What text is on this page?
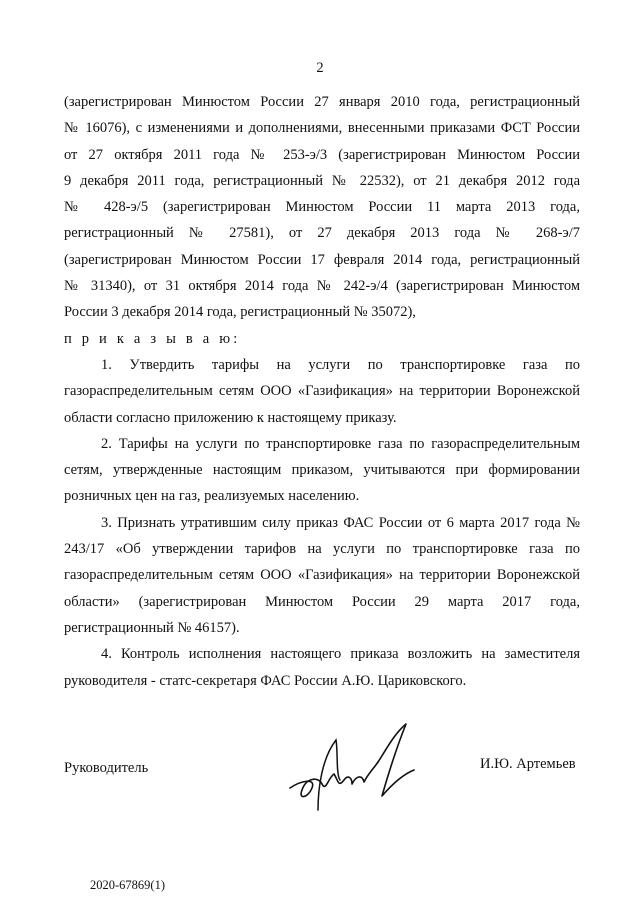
2

(зарегистрирован Минюстом России 27 января 2010 года, регистрационный
№ 16076), с изменениями и дополнениями, внесенными приказами ФСТ России
от 27 октября 2011 года № 253-э/3 (зарегистрирован Минюстом России
9 декабря 2011 года, регистрационный № 22532), от 21 декабря 2012 года
№ 428-э/5 (зарегистрирован Минюстом России 11 марта 2013 года,
регистрационный № 27581), от 27 декабря 2013 года № 268-э/7
(зарегистрирован Минюстом России 17 февраля 2014 года, регистрационный
№ 31340), от 31 октября 2014 года № 242-э/4 (зарегистрирован Минюстом
России 3 декабря 2014 года, регистрационный № 35072),

п р и к а з ы в а ю:

1. Утвердить тарифы на услуги по транспортировке газа по газораспределительным сетям ООО «Газификация» на территории Воронежской области согласно приложению к настоящему приказу.

2. Тарифы на услуги по транспортировке газа по газораспределительным сетям, утвержденные настоящим приказом, учитываются при формировании розничных цен на газ, реализуемых населению.

3. Признать утратившим силу приказ ФАС России от 6 марта 2017 года № 243/17 «Об утверждении тарифов на услуги по транспортировке газа по газораспределительным сетям ООО «Газификация» на территории Воронежской области» (зарегистрирован Минюстом России 29 марта 2017 года, регистрационный № 46157).

4. Контроль исполнения настоящего приказа возложить на заместителя руководителя - статс-секретаря ФАС России А.Ю. Цариковского.

Руководитель	И.Ю. Артемьев
2020-67869(1)
